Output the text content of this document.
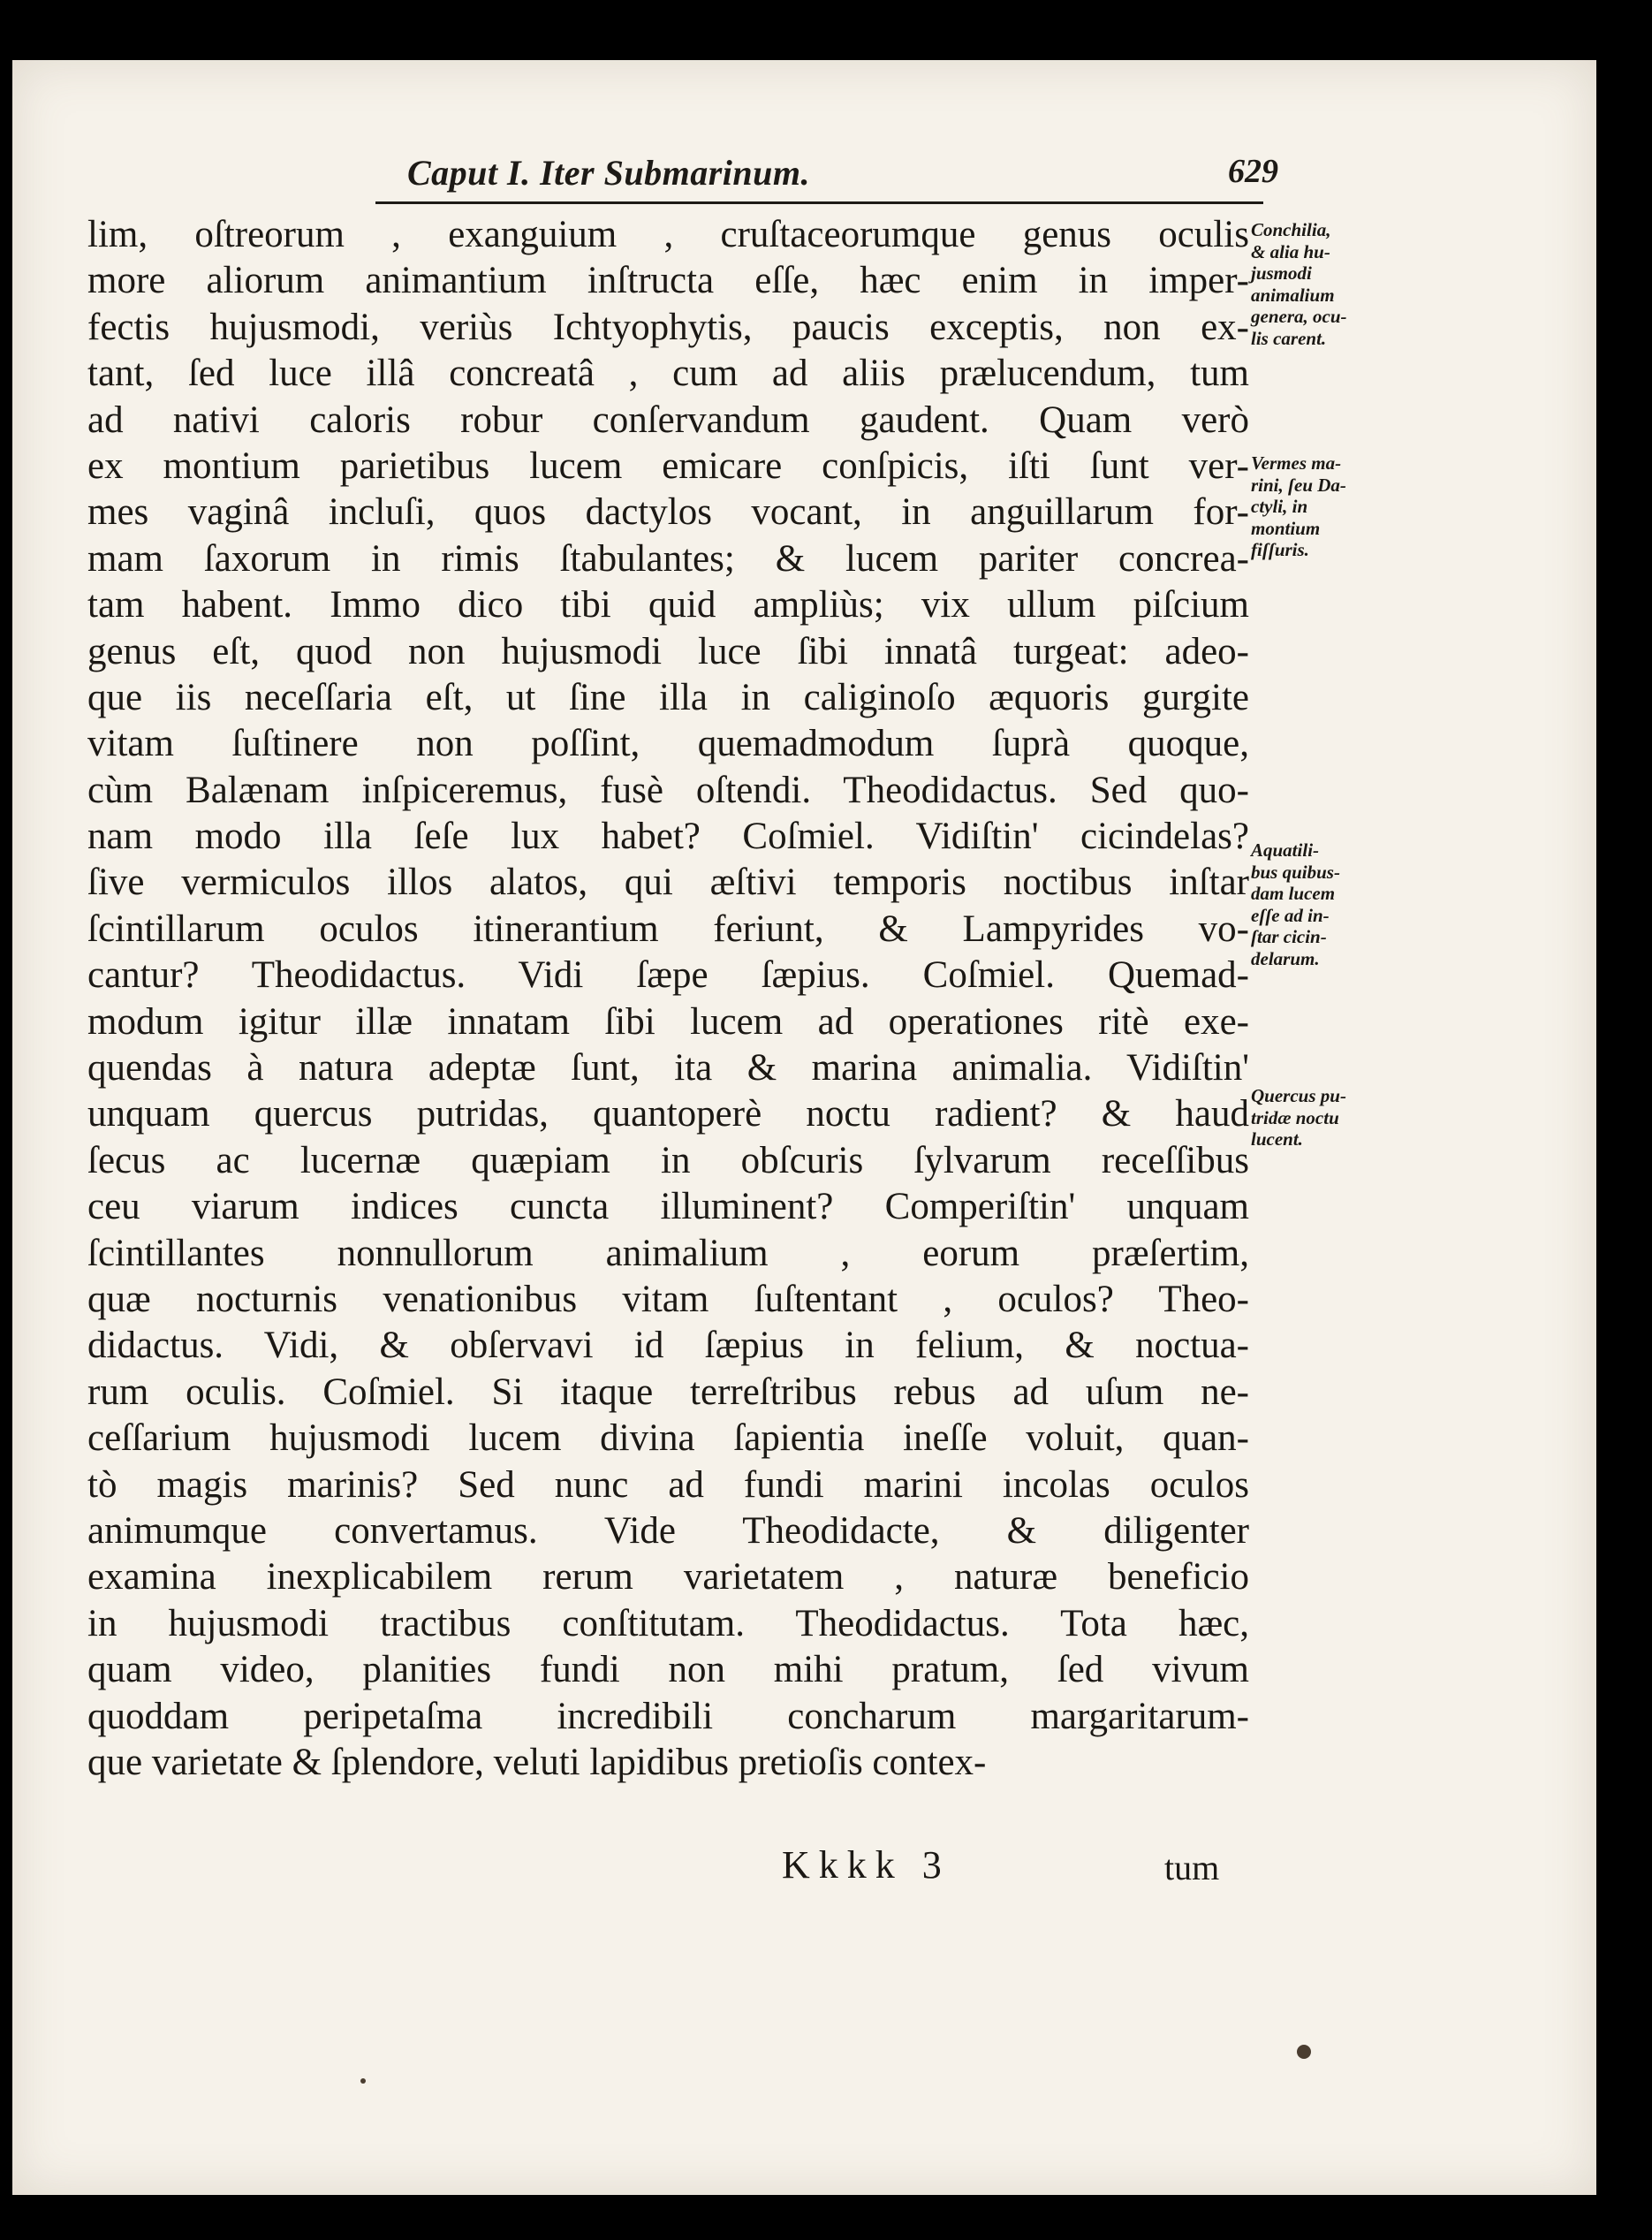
Caput I. Iter Submarinum.	629
lim, oſtreorum , exanguium , cruſtaceorumque genus oculis
more aliorum animantium inſtructa eſſe, hæc enim in imper-
fectis hujusmodi, veriùs Ichtyophytis, paucis exceptis, non ex-
tant, ſed luce illâ concreatâ , cum ad aliis prælucendum, tum
ad nativi caloris robur conſervandum gaudent. Quam verò
ex montium parietibus lucem emicare conſpicis, iſti ſunt ver-
mes vaginâ incluſi, quos dactylos vocant, in anguillarum for-
mam ſaxorum in rimis ſtabulantes; & lucem pariter concrea-
tam habent. Immo dico tibi quid ampliùs; vix ullum piſcium
genus eſt, quod non hujusmodi luce ſibi innatâ turgeat: adeo-
que iis neceſſaria eſt, ut ſine illa in caliginoſo æquoris gurgite
vitam ſuſtinere non poſſint, quemadmodum ſuprà quoque,
cùm Balænam inſpiceremus, fusè oſtendi. Theodidactus. Sed quo-
nam modo illa ſeſe lux habet? Coſmiel. Vidiſtin' cicindelas?
ſive vermiculos illos alatos, qui æſtivi temporis noctibus inſtar
ſcintillarum oculos itinerantium feriunt, & Lampyrides vo-
cantur? Theodidactus. Vidi ſæpe ſæpius. Coſmiel. Quemad-
modum igitur illæ innatam ſibi lucem ad operationes ritè exe-
quendas à natura adeptæ ſunt, ita & marina animalia. Vidiſtin'
unquam quercus putridas, quantoperè noctu radient? & haud
ſecus ac lucernæ quæpiam in obſcuris ſylvarum receſſibus
ceu viarum indices cuncta illuminent? Comperiſtin' unquam
ſcintillantes nonnullorum animalium , eorum præſertim,
quæ nocturnis venationibus vitam ſuſtentant , oculos? Theo-
didactus. Vidi, & obſervavi id ſæpius in felium, & noctua-
rum oculis. Coſmiel. Si itaque terreſtribus rebus ad uſum ne-
ceſſarium hujusmodi lucem divina ſapientia ineſſe voluit, quan-
tò magis marinis? Sed nunc ad fundi marini incolas oculos
animumque convertamus. Vide Theodidacte, & diligenter
examina inexplicabilem rerum varietatem , naturæ beneficio
in hujusmodi tractibus conſtitutam. Theodidactus. Tota hæc,
quam video, planities fundi non mihi pratum, ſed vivum
quoddam peripetaſma incredibili concharum margaritarum-
que varietate & ſplendore, veluti lapidibus pretioſis contex-
Conchilia,
& alia hu-
jusmodi
animalium
genera, ocu-
lis carent.
Vermes ma-
rini, ſeu Da-
ctyli, in
montium
fiſſuris.
Aquatili-
bus quibus-
dam lucem
eſſe ad in-
ſtar cicin-
delarum.
Quercus pu-
tridæ noctu
lucent.
Kkkk 3	tum
